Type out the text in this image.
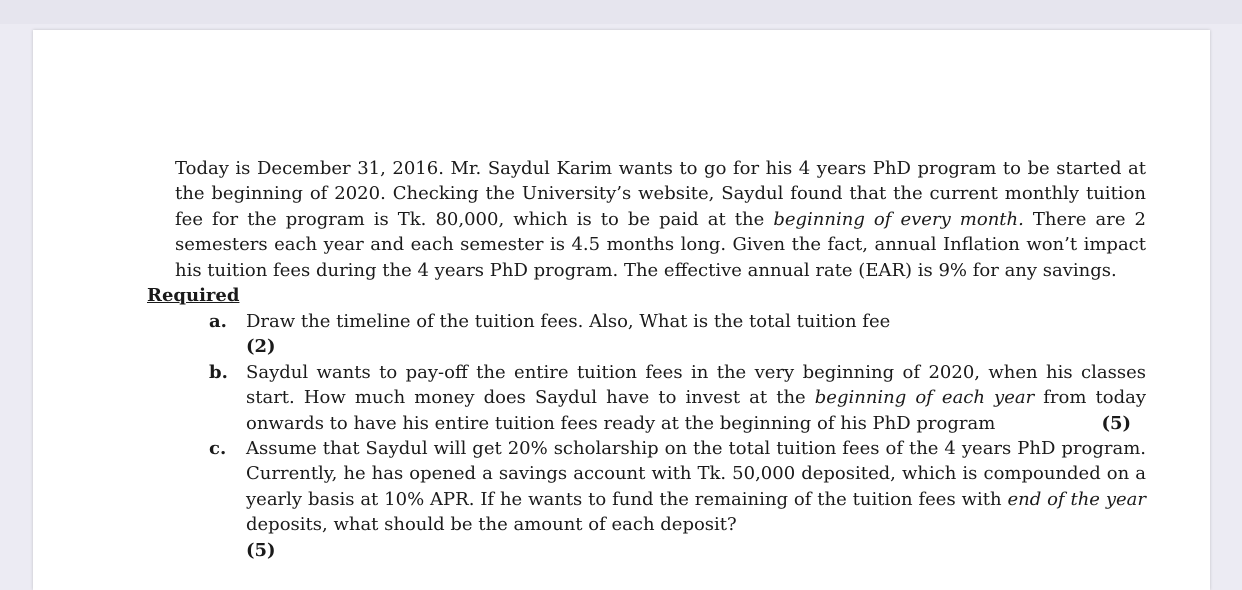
Today is December 31, 2016. Mr. Saydul Karim wants to go for his 4 years PhD program to be started at the beginning of 2020. Checking the University’s website, Saydul found that the current monthly tuition fee for the program is Tk. 80,000, which is to be paid at the beginning of every month. There are 2 semesters each year and each semester is 4.5 months long. Given the fact, annual Inflation won’t impact his tuition fees during the 4 years PhD program. The effective annual rate (EAR) is 9% for any savings.

Required

a. Draw the timeline of the tuition fees. Also, What is the total tuition fee
(2)
b. Saydul wants to pay-off the entire tuition fees in the very beginning of 2020, when his classes start. How much money does Saydul have to invest at the beginning of each year from today onwards to have his entire tuition fees ready at the beginning of his PhD program	(5)
c. Assume that Saydul will get 20% scholarship on the total tuition fees of the 4 years PhD program. Currently, he has opened a savings account with Tk. 50,000 deposited, which is compounded on a yearly basis at 10% APR. If he wants to fund the remaining of the tuition fees with end of the year deposits, what should be the amount of each deposit?
(5)
